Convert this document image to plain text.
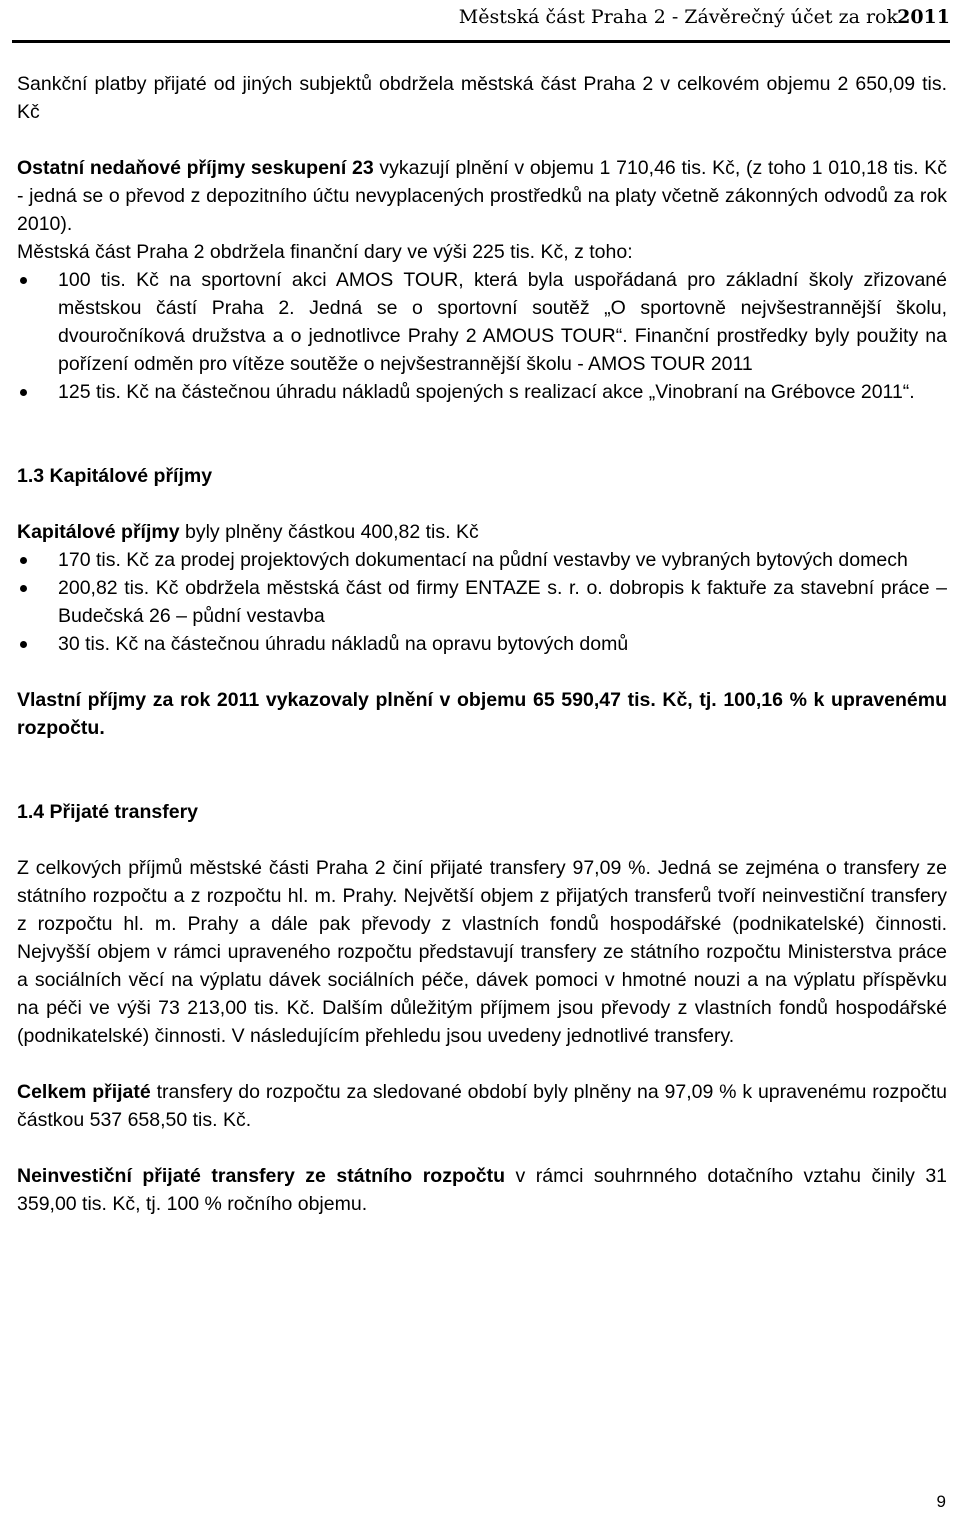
Městská část Praha 2 - Závěrečný účet za rok 2011

Sankční platby přijaté od jiných subjektů obdržela městská část Praha 2 v celkovém objemu 2 650,09 tis. Kč

Ostatní nedaňové příjmy seskupení 23 vykazují plnění v objemu 1 710,46 tis. Kč, (z toho 1 010,18 tis. Kč - jedná se o převod z depozitního účtu nevyplacených prostředků na platy včetně zákonných odvodů za rok 2010).

Městská část Praha 2 obdržela finanční dary ve výši 225 tis. Kč, z toho:

100 tis. Kč na sportovní akci AMOS TOUR, která byla uspořádaná pro základní školy zřizované městskou částí Praha 2. Jedná se o sportovní soutěž „O sportovně nejvšestrannější školu, dvouročníková družstva a o jednotlivce Prahy 2 AMOUS TOUR“. Finanční prostředky byly použity na pořízení odměn pro vítěze soutěže o nejvšestrannější školu - AMOS TOUR 2011
125 tis. Kč na částečnou úhradu nákladů spojených s realizací akce „Vinobraní na Grébovce 2011“.

1.3 Kapitálové příjmy

Kapitálové příjmy byly plněny částkou 400,82 tis. Kč

170 tis. Kč za prodej projektových dokumentací na půdní vestavby ve vybraných bytových domech
200,82 tis. Kč obdržela městská část od firmy ENTAZE s. r. o. dobropis k faktuře za stavební práce – Budečská 26 – půdní vestavba
30 tis. Kč na částečnou úhradu nákladů na opravu bytových domů

Vlastní příjmy za rok 2011 vykazovaly plnění v objemu 65 590,47 tis. Kč, tj. 100,16 % k upravenému rozpočtu.

1.4 Přijaté transfery

Z celkových příjmů městské části Praha 2 činí přijaté transfery 97,09 %. Jedná se zejména o transfery ze státního rozpočtu a z rozpočtu hl. m. Prahy. Největší objem z přijatých transferů tvoří neinvestiční transfery z rozpočtu hl. m. Prahy a dále pak převody z vlastních fondů hospodářské (podnikatelské) činnosti. Nejvyšší objem v rámci upraveného rozpočtu představují transfery ze státního rozpočtu Ministerstva práce a sociálních věcí na výplatu dávek sociálních péče, dávek pomoci v hmotné nouzi a na výplatu příspěvku na péči ve výši 73 213,00 tis. Kč. Dalším důležitým příjmem jsou převody z vlastních fondů hospodářské (podnikatelské) činnosti. V následujícím přehledu jsou uvedeny jednotlivé transfery.

Celkem přijaté transfery do rozpočtu za sledované období byly plněny na 97,09 % k upravenému rozpočtu částkou 537 658,50 tis. Kč.

Neinvestiční přijaté transfery ze státního rozpočtu v rámci souhrnného dotačního vztahu činily 31 359,00 tis. Kč, tj. 100 % ročního objemu.

9
